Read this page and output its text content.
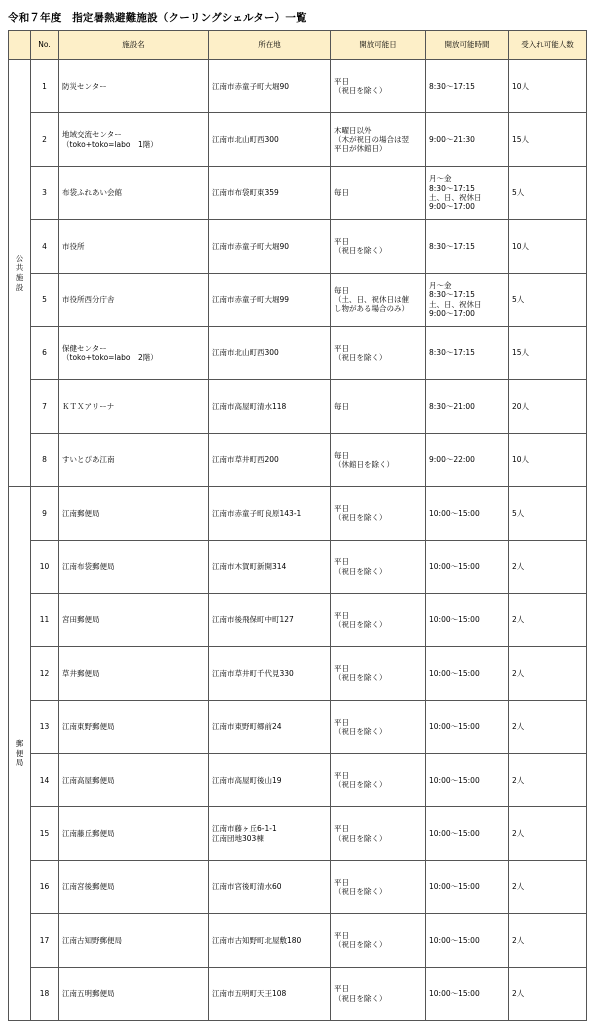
令和７年度　指定暑熱避難施設（クーリングシェルター）一覧
	No.	施設名	所在地	開放可能日	開放可能時間	受入れ可能人数
公共施設	1	防災センター	江南市赤童子町大堀90	平日
（祝日を除く）	8:30～17:15	10人
	2	地域交流センター
（toko+toko=labo　1階）	江南市北山町西300	木曜日以外
（木が祝日の場合は翌
平日が休館日）	9:00～21:30	15人
	3	布袋ふれあい会館	江南市布袋町東359	毎日	月～金
8:30～17:15
土、日、祝休日
9:00～17:00	5人
	4	市役所	江南市赤童子町大堀90	平日
（祝日を除く）	8:30～17:15	10人
	5	市役所西分庁舎	江南市赤童子町大堀99	毎日
（土、日、祝休日は催
し物がある場合のみ）	月～金
8:30～17:15
土、日、祝休日
9:00～17:00	5人
	6	保健センター
（toko+toko=labo　2階）	江南市北山町西300	平日
（祝日を除く）	8:30～17:15	15人
	7	ＫＴＸアリーナ	江南市高屋町清水118	毎日	8:30～21:00	20人
	8	すいとぴあ江南	江南市草井町西200	毎日
（休館日を除く）	9:00～22:00	10人
郵便局	9	江南郵便局	江南市赤童子町良原143-1	平日
（祝日を除く）	10:00～15:00	5人
	10	江南布袋郵便局	江南市木賀町新開314	平日
（祝日を除く）	10:00～15:00	2人
	11	宮田郵便局	江南市後飛保町中町127	平日
（祝日を除く）	10:00～15:00	2人
	12	草井郵便局	江南市草井町千代見330	平日
（祝日を除く）	10:00～15:00	2人
	13	江南東野郵便局	江南市東野町郷前24	平日
（祝日を除く）	10:00～15:00	2人
	14	江南高屋郵便局	江南市高屋町後山19	平日
（祝日を除く）	10:00～15:00	2人
	15	江南藤丘郵便局	江南市藤ヶ丘6-1-1
江南団地303棟	平日
（祝日を除く）	10:00～15:00	2人
	16	江南宮後郵便局	江南市宮後町清水60	平日
（祝日を除く）	10:00～15:00	2人
	17	江南古知野郵便局	江南市古知野町北屋敷180	平日
（祝日を除く）	10:00～15:00	2人
	18	江南五明郵便局	江南市五明町天王108	平日
（祝日を除く）	10:00～15:00	2人
